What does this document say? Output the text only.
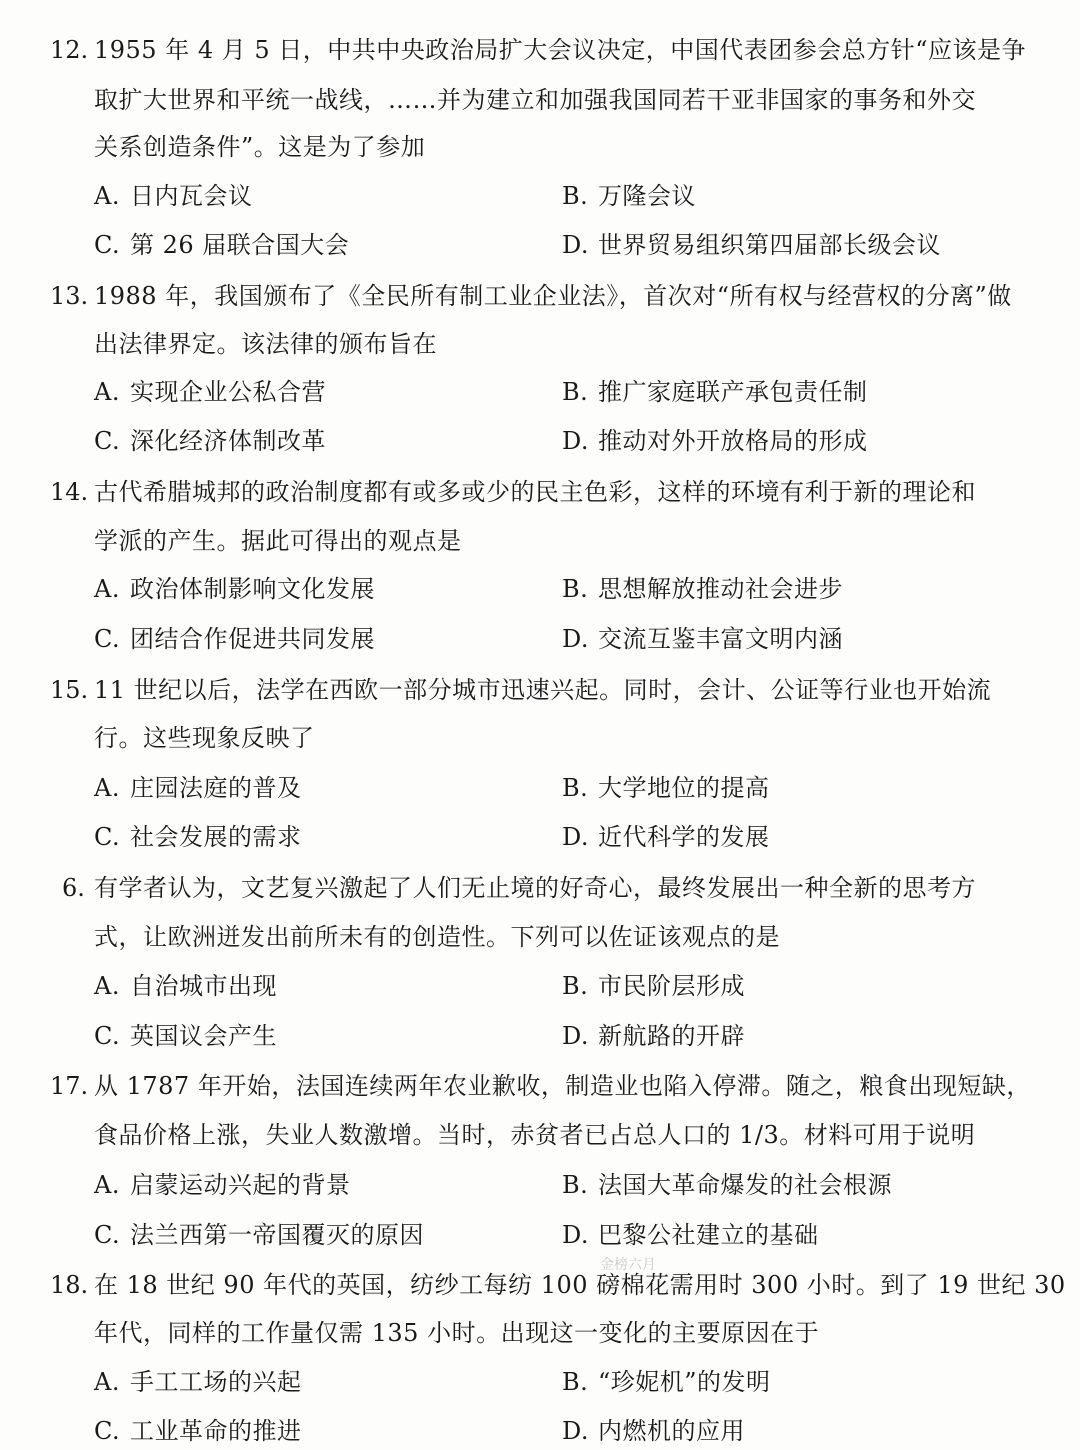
12. 1955 年 4 月 5 日，中共中央政治局扩大会议决定，中国代表团参会总方针“应该是争
取扩大世界和平统一战线，……并为建立和加强我国同若干亚非国家的事务和外交
关系创造条件”。这是为了参加
A. 日内瓦会议	B. 万隆会议
C. 第 26 届联合国大会	D. 世界贸易组织第四届部长级会议
13. 1988 年，我国颁布了《全民所有制工业企业法》，首次对“所有权与经营权的分离”做
出法律界定。该法律的颁布旨在
A. 实现企业公私合营	B. 推广家庭联产承包责任制
C. 深化经济体制改革	D. 推动对外开放格局的形成
14. 古代希腊城邦的政治制度都有或多或少的民主色彩，这样的环境有利于新的理论和
学派的产生。据此可得出的观点是
A. 政治体制影响文化发展	B. 思想解放推动社会进步
C. 团结合作促进共同发展	D. 交流互鉴丰富文明内涵
15. 11 世纪以后，法学在西欧一部分城市迅速兴起。同时，会计、公证等行业也开始流
行。这些现象反映了
A. 庄园法庭的普及	B. 大学地位的提高
C. 社会发展的需求	D. 近代科学的发展
6. 有学者认为，文艺复兴激起了人们无止境的好奇心，最终发展出一种全新的思考方
式，让欧洲迸发出前所未有的创造性。下列可以佐证该观点的是
A. 自治城市出现	B. 市民阶层形成
C. 英国议会产生	D. 新航路的开辟
17. 从 1787 年开始，法国连续两年农业歉收，制造业也陷入停滞。随之，粮食出现短缺，
食品价格上涨，失业人数激增。当时，赤贫者已占总人口的 1/3。材料可用于说明
A. 启蒙运动兴起的背景	B. 法国大革命爆发的社会根源
C. 法兰西第一帝国覆灭的原因	D. 巴黎公社建立的基础
金榜六月
18. 在 18 世纪 90 年代的英国，纺纱工每纺 100 磅棉花需用时 300 小时。到了 19 世纪 30
年代，同样的工作量仅需 135 小时。出现这一变化的主要原因在于
A. 手工工场的兴起	B. “珍妮机”的发明
C. 工业革命的推进	D. 内燃机的应用
